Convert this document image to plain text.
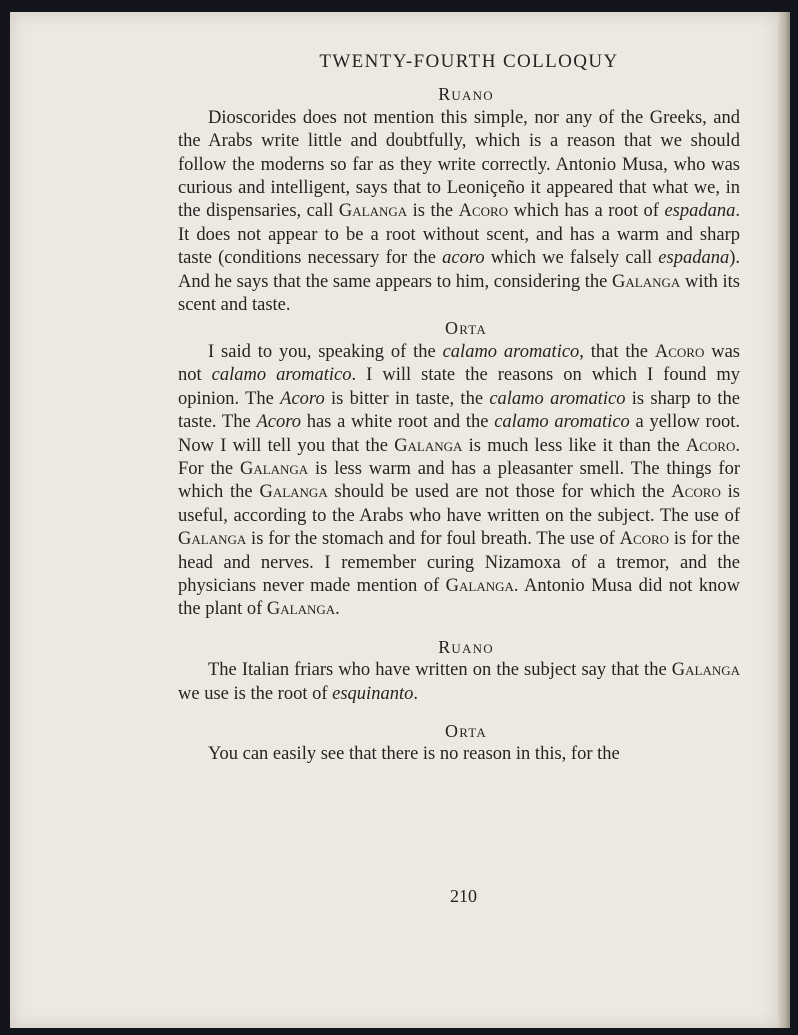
TWENTY-FOURTH COLLOQUY
Ruano

Dioscorides does not mention this simple, nor any of the Greeks, and the Arabs write little and doubtfully, which is a reason that we should follow the moderns so far as they write correctly. Antonio Musa, who was curious and intelligent, says that to Leoniçeño it appeared that what we, in the dispensaries, call Galanga is the Acoro which has a root of espadana. It does not appear to be a root without scent, and has a warm and sharp taste (conditions necessary for the acoro which we falsely call espadana). And he says that the same appears to him, considering the Galanga with its scent and taste.

Orta

I said to you, speaking of the calamo aromatico, that the Acoro was not calamo aromatico. I will state the reasons on which I found my opinion. The Acoro is bitter in taste, the calamo aromatico is sharp to the taste. The Acoro has a white root and the calamo aromatico a yellow root. Now I will tell you that the Galanga is much less like it than the Acoro. For the Galanga is less warm and has a pleasanter smell. The things for which the Galanga should be used are not those for which the Acoro is useful, according to the Arabs who have written on the subject. The use of Galanga is for the stomach and for foul breath. The use of Acoro is for the head and nerves. I remember curing Nizamoxa of a tremor, and the physicians never made mention of Galanga. Antonio Musa did not know the plant of Galanga.

Ruano

The Italian friars who have written on the subject say that the Galanga we use is the root of esquinanto.

Orta

You can easily see that there is no reason in this, for the

210
